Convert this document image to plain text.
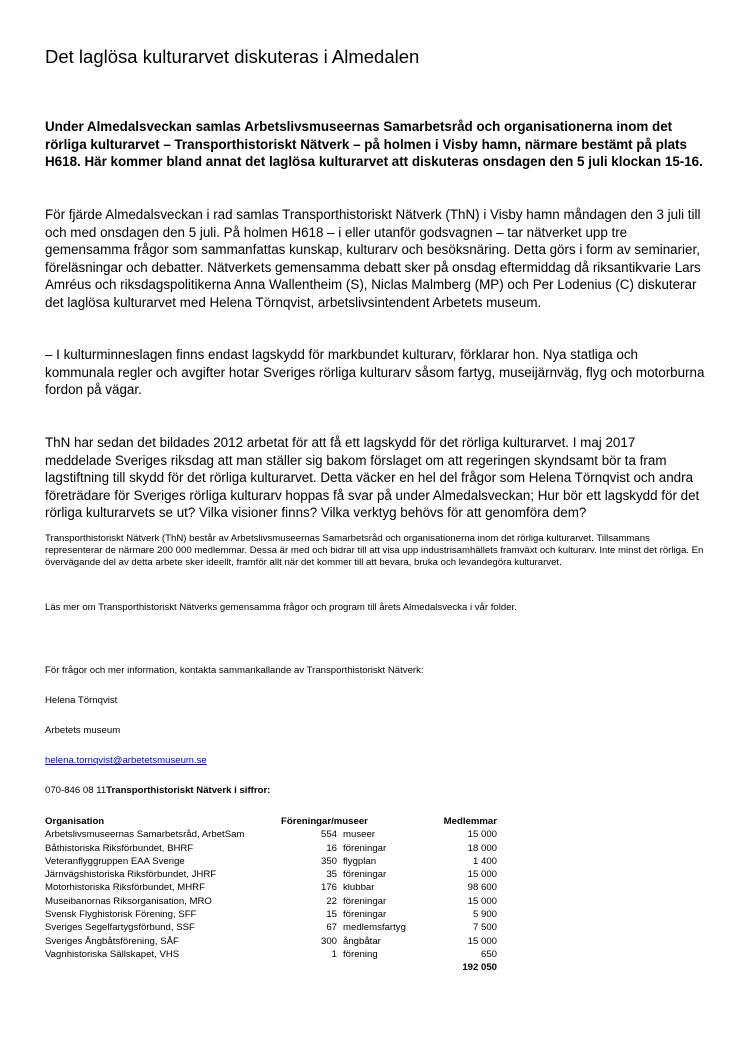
Det laglösa kulturarvet diskuteras i Almedalen

Under Almedalsveckan samlas Arbetslivsmuseernas Samarbetsråd och organisationerna inom det rörliga kulturarvet – Transporthistoriskt Nätverk – på holmen i Visby hamn, närmare bestämt på plats H618. Här kommer bland annat det laglösa kulturarvet att diskuteras onsdagen den 5 juli klockan 15-16.

För fjärde Almedalsveckan i rad samlas Transporthistoriskt Nätverk (ThN) i Visby hamn måndagen den 3 juli till och med onsdagen den 5 juli. På holmen H618 – i eller utanför godsvagnen – tar nätverket upp tre gemensamma frågor som sammanfattas kunskap, kulturarv och besöksnäring. Detta görs i form av seminarier, föreläsningar och debatter. Nätverkets gemensamma debatt sker på onsdag eftermiddag då riksantikvarie Lars Amréus och riksdagspolitikerna Anna Wallentheim (S), Niclas Malmberg (MP) och Per Lodenius (C) diskuterar det laglösa kulturarvet med Helena Törnqvist, arbetslivsintendent Arbetets museum.

– I kulturminneslagen finns endast lagskydd för markbundet kulturarv, förklarar hon. Nya statliga och kommunala regler och avgifter hotar Sveriges rörliga kulturarv såsom fartyg, museijärnväg, flyg och motorburna fordon på vägar.

ThN har sedan det bildades 2012 arbetat för att få ett lagskydd för det rörliga kulturarvet. I maj 2017 meddelade Sveriges riksdag att man ställer sig bakom förslaget om att regeringen skyndsamt bör ta fram lagstiftning till skydd för det rörliga kulturarvet. Detta väcker en hel del frågor som Helena Törnqvist och andra företrädare för Sveriges rörliga kulturarv hoppas få svar på under Almedalsveckan; Hur bör ett lagskydd för det rörliga kulturarvets se ut? Vilka visioner finns? Vilka verktyg behövs för att genomföra dem?

Transporthistoriskt Nätverk (ThN) består av Arbetslivsmuseernas Samarbetsråd och organisationerna inom det rörliga kulturarvet. Tillsammans representerar de närmare 200 000 medlemmar. Dessa är med och bidrar till att visa upp industrisamhällets framväxt och kulturarv. Inte minst det rörliga. En övervägande del av detta arbete sker ideellt, framför allt när det kommer till att bevara, bruka och levandegöra kulturarvet.

Läs mer om Transporthistoriskt Nätverks gemensamma frågor och program till årets Almedalsvecka i vår folder.

För frågor och mer information, kontakta sammankallande av Transporthistoriskt Nätverk:

Helena Törnqvist

Arbetets museum

helena.tornqvist@arbetetsmuseum.se

070-846 08 11Transporthistoriskt Nätverk i siffror:

Organisation	Föreningar/museer	Medlemmar
Arbetslivsmuseernas Samarbetsråd, ArbetSam	554 museer	15 000
Båthistoriska Riksförbundet, BHRF	16 föreningar	18 000
Veteranflyggruppen EAA Sverige	350 flygplan	1 400
Järnvägshistoriska Riksförbundet, JHRF	35 föreningar	15 000
Motorhistoriska Riksförbundet, MHRF	176 klubbar	98 600
Museibanornas Riksorganisation, MRO	22 föreningar	15 000
Svensk Flyghistorisk Förening, SFF	15 föreningar	5 900
Sveriges Segelfartygsförbund, SSF	67 medlemsfartyg	7 500
Sveriges Ångbåtsförening, SÅF	300 ångbåtar	15 000
Vagnhistoriska Sällskapet, VHS	1 förening	650
192 050
